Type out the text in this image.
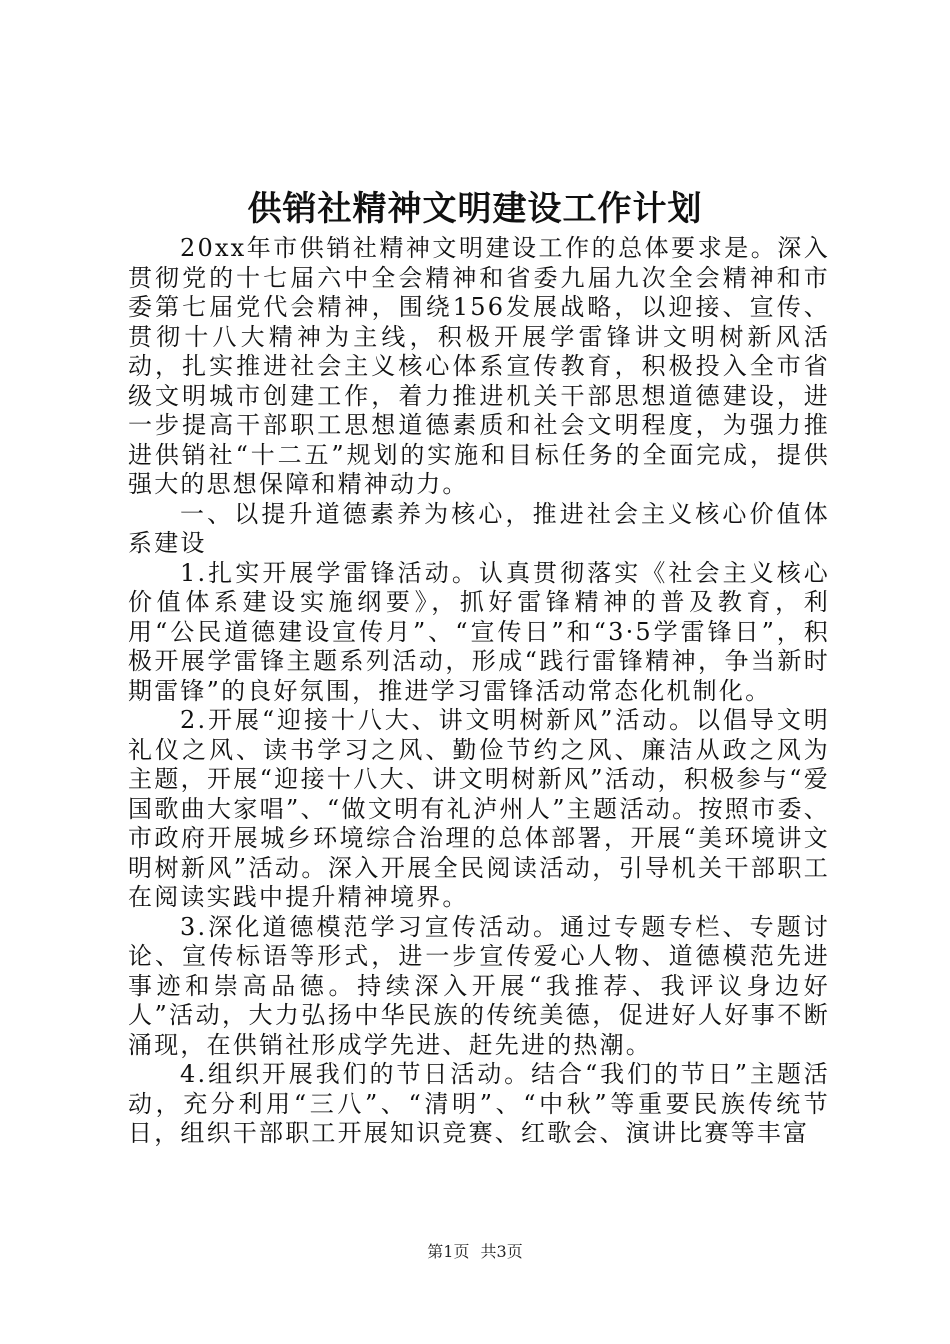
供销社精神文明建设工作计划

20xx年市供销社精神文明建设工作的总体要求是。深入贯彻党的十七届六中全会精神和省委九届九次全会精神和市委第七届党代会精神，围绕156发展战略，以迎接、宣传、贯彻十八大精神为主线，积极开展学雷锋讲文明树新风活动，扎实推进社会主义核心体系宣传教育，积极投入全市省级文明城市创建工作，着力推进机关干部思想道德建设，进一步提高干部职工思想道德素质和社会文明程度，为强力推进供销社“十二五”规划的实施和目标任务的全面完成，提供强大的思想保障和精神动力。

一、以提升道德素养为核心，推进社会主义核心价值体系建设

1.扎实开展学雷锋活动。认真贯彻落实《社会主义核心价值体系建设实施纲要》，抓好雷锋精神的普及教育，利用“公民道德建设宣传月”、“宣传日”和“3·5学雷锋日”，积极开展学雷锋主题系列活动，形成“践行雷锋精神，争当新时期雷锋”的良好氛围，推进学习雷锋活动常态化机制化。

2.开展“迎接十八大、讲文明树新风”活动。以倡导文明礼仪之风、读书学习之风、勤俭节约之风、廉洁从政之风为主题，开展“迎接十八大、讲文明树新风”活动，积极参与“爱国歌曲大家唱”、“做文明有礼泸州人”主题活动。按照市委、市政府开展城乡环境综合治理的总体部署，开展“美环境讲文明树新风”活动。深入开展全民阅读活动，引导机关干部职工在阅读实践中提升精神境界。

3.深化道德模范学习宣传活动。通过专题专栏、专题讨论、宣传标语等形式，进一步宣传爱心人物、道德模范先进事迹和崇高品德。持续深入开展“我推荐、我评议身边好人”活动，大力弘扬中华民族的传统美德，促进好人好事不断涌现，在供销社形成学先进、赶先进的热潮。

4.组织开展我们的节日活动。结合“我们的节日”主题活动，充分利用“三八”、“清明”、“中秋”等重要民族传统节日，组织干部职工开展知识竞赛、红歌会、演讲比赛等丰富

第1页 共3页
